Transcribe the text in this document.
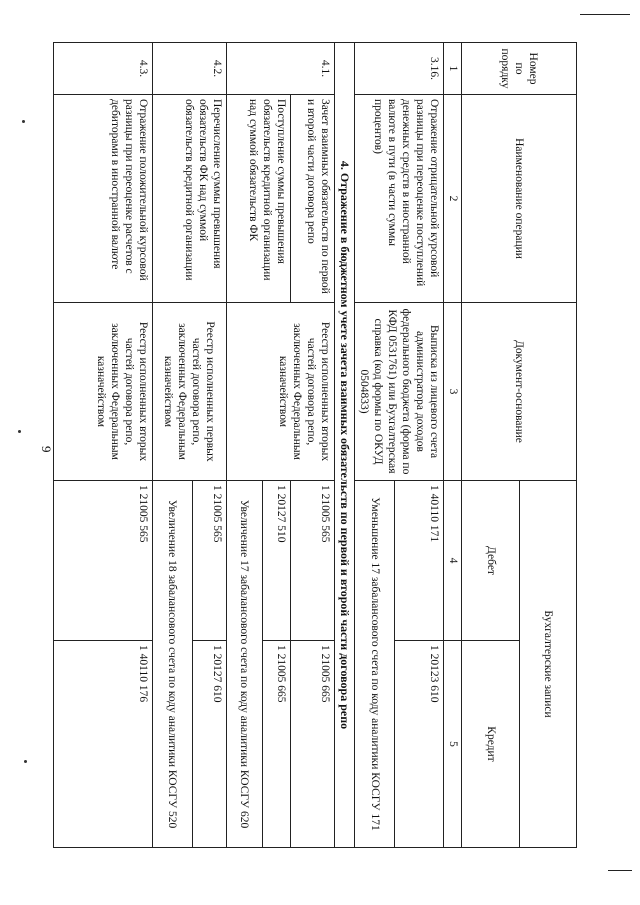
9
Номер по порядку	Наименование операции	Документ-основание	Бухгалтерские записи	
			Дебет	Кредит
1	2	3	4	5
3.16.	Отражение отрицательной курсовой разницы при переоценке поступлений денежных средств в иностранной валюте в пути (в части суммы процентов)	Выписка из лицевого счета администратора доходов федерального бюджета (форма по КФД 0531761) или Бухгалтерская справка (код формы по ОКУД 0504833)	1 40110 171	1 20123 610
			Уменьшение 17 забалансового счета по коду аналитики КОСГУ 171	
4. Отражение в бюджетном учете зачета взаимных обязательств по первой и второй части договора репо				
4.1.	Зачет взаимных обязательств по первой и второй части договора репо	Реестр исполненных вторых частей договора репо, заключенных Федеральным казначейством	1 21005 565	1 21005 665
	Поступление суммы превышения обязательств кредитной организации над суммой обязательств ФК		1 20127 510	1 21005 665
			Увеличение 17 забалансового счета по коду аналитики КОСГУ 620	
4.2.	Перечисление суммы превышения обязательств ФК над суммой обязательств кредитной организации	Реестр исполненных первых частей договора репо, заключенных Федеральным казначейством	1 21005 565	1 20127 610
			Увеличение 18 забалансового счета по коду аналитики КОСГУ 520	
4.3.	Отражение положительной курсовой разницы при переоценке расчетов с дебиторами в иностранной валюте	Реестр исполненных вторых частей договора репо, заключенных Федеральным казначейством	1 21005 565	1 40110 176
